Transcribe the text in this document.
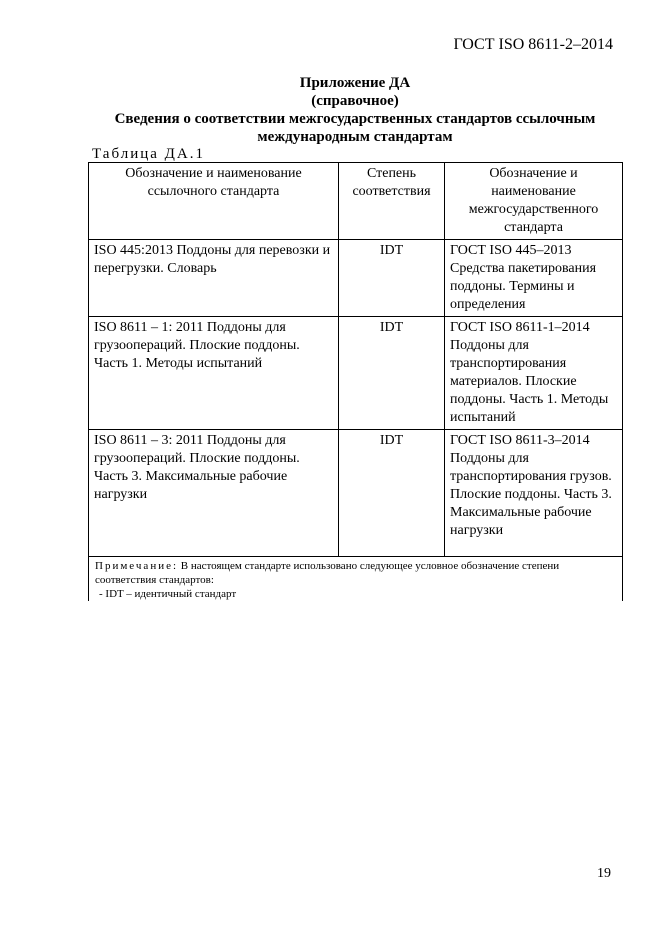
ГОСТ ISO 8611-2–2014
Приложение ДА
(справочное)
Сведения о соответствии межгосударственных стандартов ссылочным
международным стандартам
Таблица ДА.1
Обозначение и наименование ссылочного стандарта	Степень соответствия	Обозначение и наименование межгосударственного стандарта
ISO 445:2013 Поддоны для перевозки и перегрузки. Словарь	IDT	ГОСТ ISO 445–2013 Средства пакетирования поддоны. Термины и определения
ISO 8611 – 1: 2011 Поддоны для грузоопераций. Плоские поддоны. Часть 1. Методы испытаний	IDT	ГОСТ ISO 8611-1–2014 Поддоны для транспортирования материалов. Плоские поддоны. Часть 1. Методы испытаний
ISO 8611 – 3: 2011 Поддоны для грузоопераций. Плоские поддоны. Часть 3. Максимальные рабочие нагрузки	IDT	ГОСТ ISO 8611-3–2014 Поддоны для транспортирования грузов. Плоские поддоны. Часть 3. Максимальные рабочие нагрузки
Примечание: В настоящем стандарте использовано следующее условное обозначение степени соответствия стандартов:
- IDT – идентичный стандарт		
19
